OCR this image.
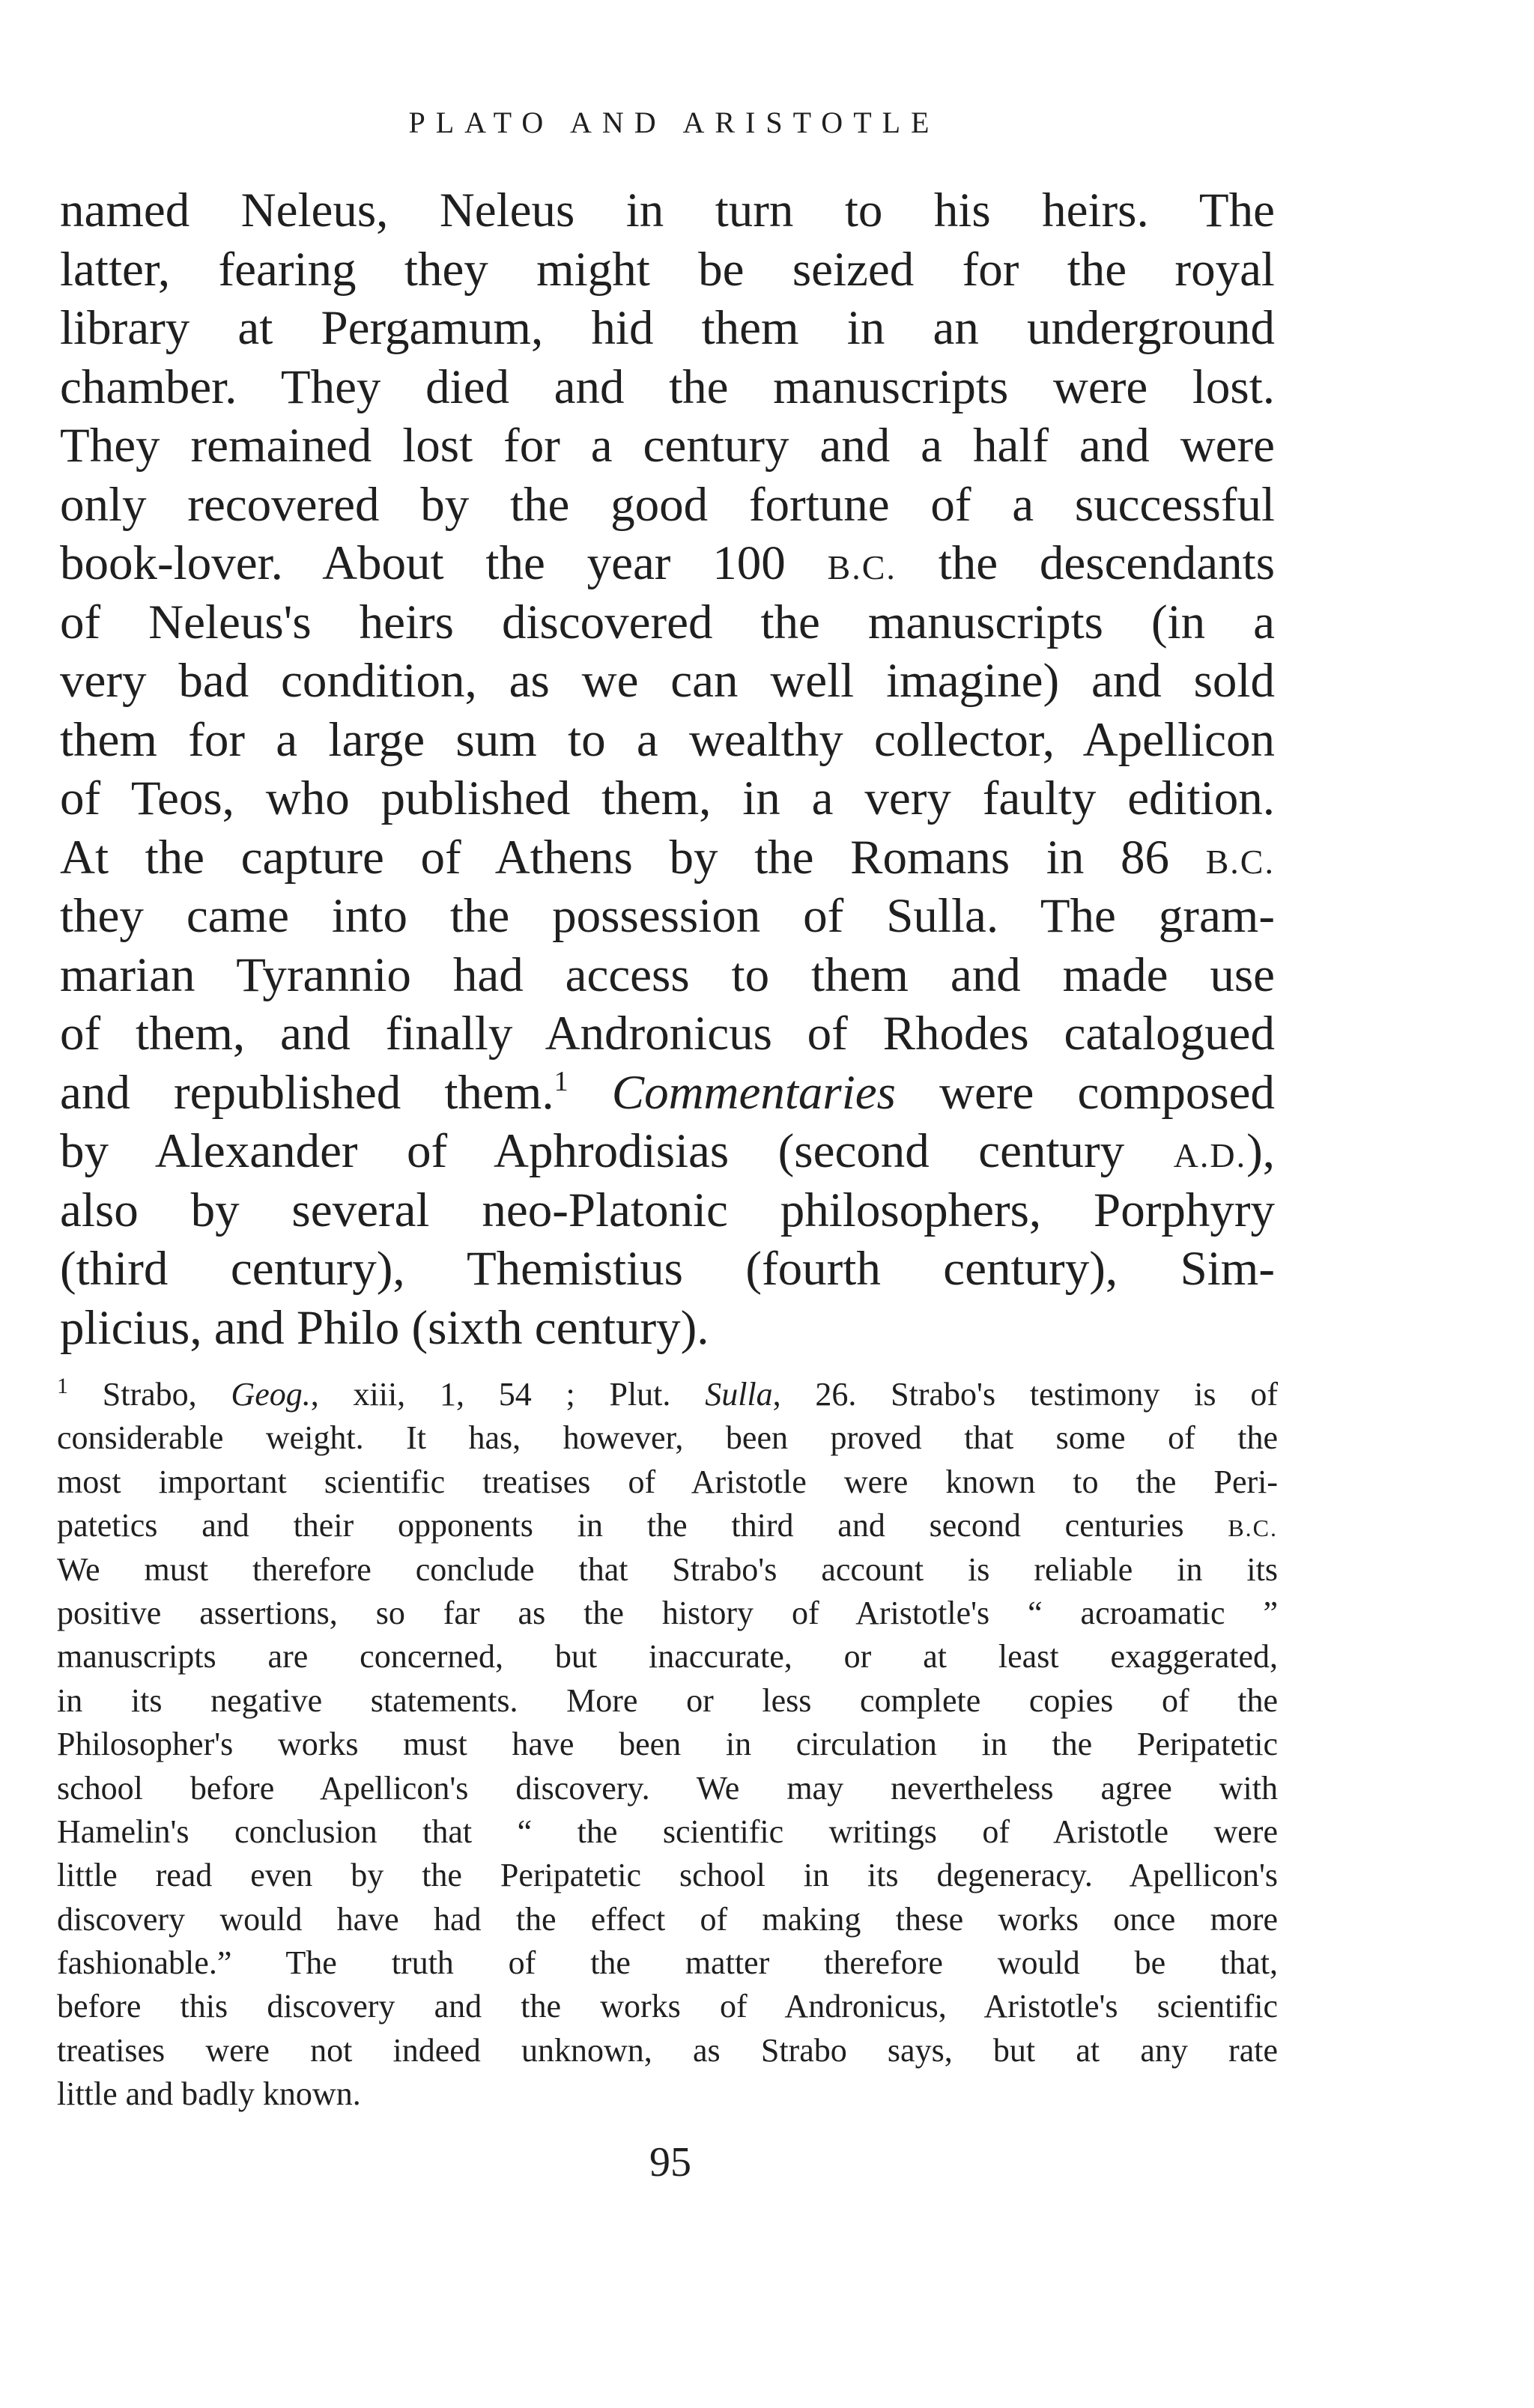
PLATO AND ARISTOTLE
named Neleus, Neleus in turn to his heirs. The
latter, fearing they might be seized for the royal
library at Pergamum, hid them in an underground
chamber. They died and the manuscripts were lost.
They remained lost for a century and a half and were
only recovered by the good fortune of a successful
book-lover. About the year 100 B.C. the descendants
of Neleus's heirs discovered the manuscripts (in a
very bad condition, as we can well imagine) and sold
them for a large sum to a wealthy collector, Apellicon
of Teos, who published them, in a very faulty edition.
At the capture of Athens by the Romans in 86 B.C.
they came into the possession of Sulla. The gram-
marian Tyrannio had access to them and made use
of them, and finally Andronicus of Rhodes catalogued
and republished them.$^1$ Commentaries were composed
by Alexander of Aphrodisias (second century A.D.),
also by several neo-Platonic philosophers, Porphyry
(third century), Themistius (fourth century), Sim-
plicius, and Philo (sixth century).
$^1$ Strabo, Geog., xiii, 1, 54 ; Plut. Sulla, 26. Strabo's testimony is of
considerable weight. It has, however, been proved that some of the
most important scientific treatises of Aristotle were known to the Peri-
patetics and their opponents in the third and second centuries B.C.
We must therefore conclude that Strabo's account is reliable in its
positive assertions, so far as the history of Aristotle's “ acroamatic ”
manuscripts are concerned, but inaccurate, or at least exaggerated,
in its negative statements. More or less complete copies of the
Philosopher's works must have been in circulation in the Peripatetic
school before Apellicon's discovery. We may nevertheless agree with
Hamelin's conclusion that “ the scientific writings of Aristotle were
little read even by the Peripatetic school in its degeneracy. Apellicon's
discovery would have had the effect of making these works once more
fashionable.” The truth of the matter therefore would be that,
before this discovery and the works of Andronicus, Aristotle's scientific
treatises were not indeed unknown, as Strabo says, but at any rate
little and badly known.
95
